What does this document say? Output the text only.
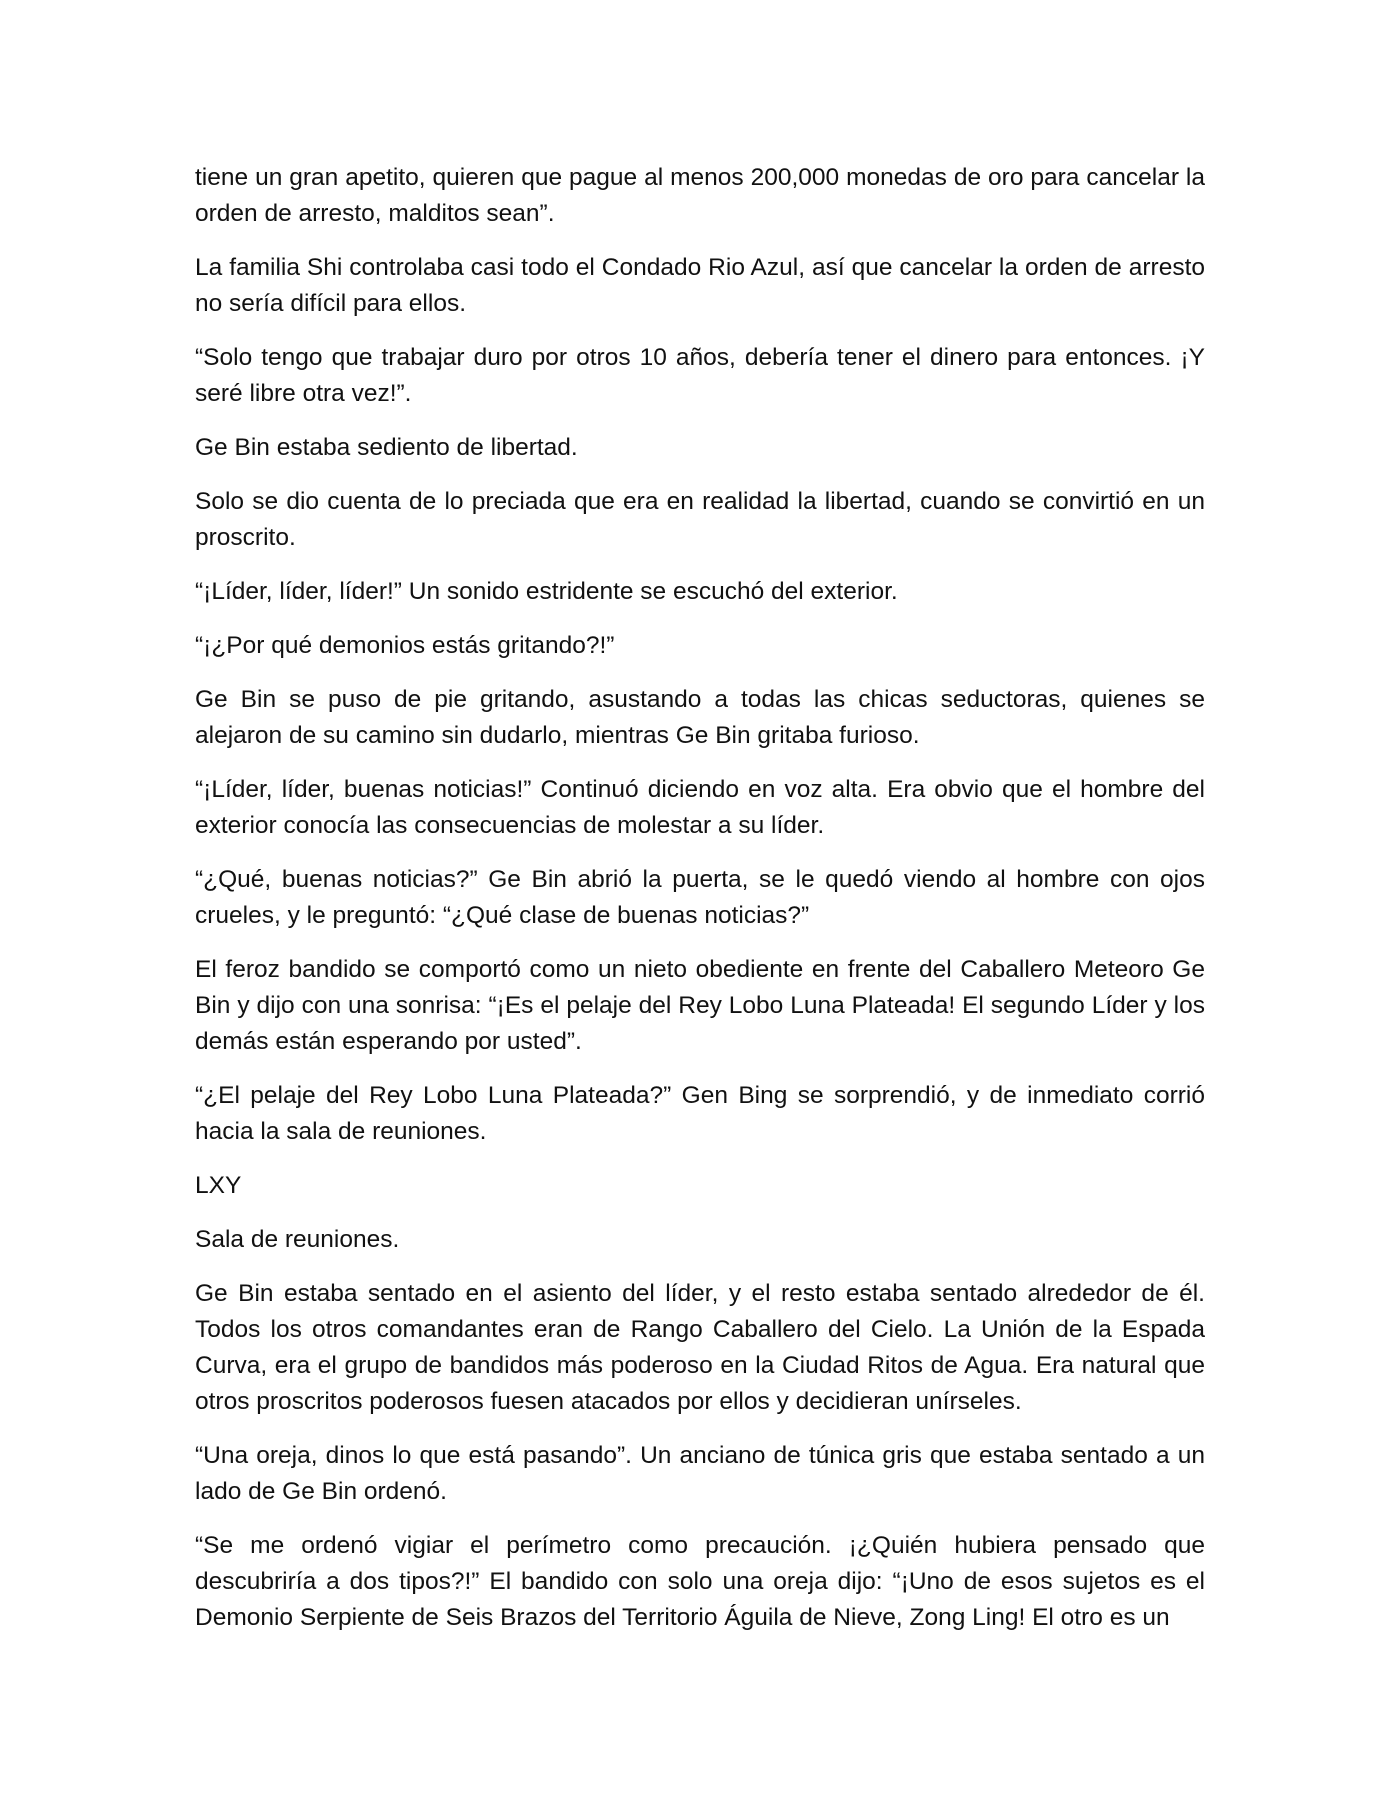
tiene un gran apetito, quieren que pague al menos 200,000 monedas de oro para cancelar la orden de arresto, malditos sean”.

La familia Shi controlaba casi todo el Condado Rio Azul, así que cancelar la orden de arresto no sería difícil para ellos.

“Solo tengo que trabajar duro por otros 10 años, debería tener el dinero para entonces. ¡Y seré libre otra vez!”.

Ge Bin estaba sediento de libertad.

Solo se dio cuenta de lo preciada que era en realidad la libertad, cuando se convirtió en un proscrito.

“¡Líder, líder, líder!” Un sonido estridente se escuchó del exterior.

“¡¿Por qué demonios estás gritando?!”

Ge Bin se puso de pie gritando, asustando a todas las chicas seductoras, quienes se alejaron de su camino sin dudarlo, mientras Ge Bin gritaba furioso.

“¡Líder, líder, buenas noticias!” Continuó diciendo en voz alta. Era obvio que el hombre del exterior conocía las consecuencias de molestar a su líder.

“¿Qué, buenas noticias?” Ge Bin abrió la puerta, se le quedó viendo al hombre con ojos crueles, y le preguntó: “¿Qué clase de buenas noticias?”

El feroz bandido se comportó como un nieto obediente en frente del Caballero Meteoro Ge Bin y dijo con una sonrisa: “¡Es el pelaje del Rey Lobo Luna Plateada! El segundo Líder y los demás están esperando por usted”.

“¿El pelaje del Rey Lobo Luna Plateada?” Gen Bing se sorprendió, y de inmediato corrió hacia la sala de reuniones.

LXY

Sala de reuniones.

Ge Bin estaba sentado en el asiento del líder, y el resto estaba sentado alrededor de él. Todos los otros comandantes eran de Rango Caballero del Cielo. La Unión de la Espada Curva, era el grupo de bandidos más poderoso en la Ciudad Ritos de Agua. Era natural que otros proscritos poderosos fuesen atacados por ellos y decidieran unírseles.

“Una oreja, dinos lo que está pasando”. Un anciano de túnica gris que estaba sentado a un lado de Ge Bin ordenó.

“Se me ordenó vigiar el perímetro como precaución. ¡¿Quién hubiera pensado que descubriría a dos tipos?!” El bandido con solo una oreja dijo: “¡Uno de esos sujetos es el Demonio Serpiente de Seis Brazos del Territorio Águila de Nieve, Zong Ling! El otro es un
